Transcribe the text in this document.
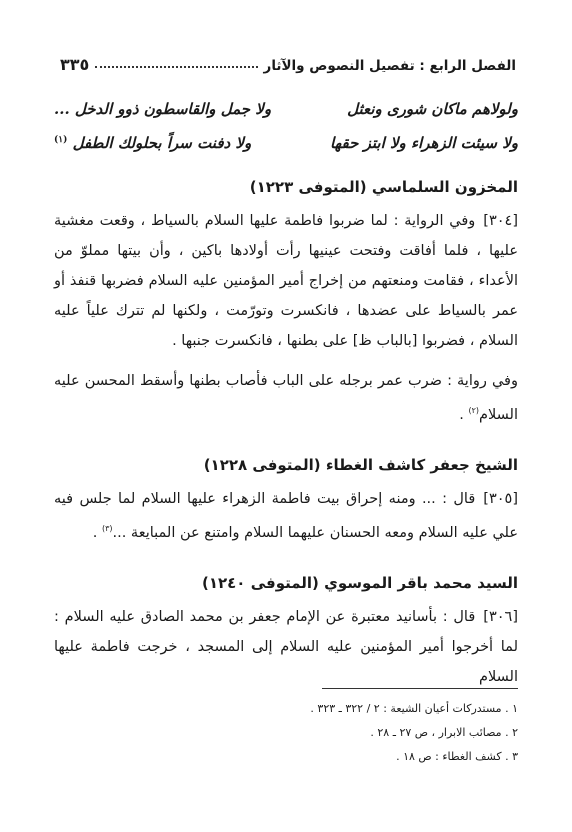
الفصل الرابع : تفصيل النصوص والآثار
٣٣٥
ولولاهم ماكان شورى ونعثل
ولا جمل والقاسطون ذوو الدخل ...
ولا سيئت الزهراء ولا ابتز حقها
ولا دفنت سراً بحلولك الطفل $^{(١)}$
المخزون السلماسي (المتوفى ١٢٢٣)
[٣٠٤]وفي الرواية : لما ضربوا فاطمة عليها السلام بالسياط ، وقعت مغشية عليها ، فلما أفاقت وفتحت عينيها رأت أولادها باكين ، وأن بيتها مملوّ من الأعداء ، فقامت ومنعتهم من إخراج أمير المؤمنين عليه السلام فضربها قنفذ أو عمر بالسياط على عضدها ، فانكسرت وتورّمت ، ولكنها لم تترك علياً عليه السلام ، فضربوا [بالباب ظ] على بطنها ، فانكسرت جنبها .
وفي رواية : ضرب عمر برجله على الباب فأصاب بطنها وأسقط المحسن عليه السلام$^{(٢)}$ .
الشيخ جعفر كاشف الغطاء (المتوفى ١٢٢٨)
[٣٠٥]قال : ... ومنه إحراق بيت فاطمة الزهراء عليها السلام لما جلس فيه علي عليه السلام ومعه الحسنان عليهما السلام وامتنع عن المبايعة ...$^{(٣)}$ .
السيد محمد باقر الموسوي (المتوفى ١٢٤٠)
[٣٠٦]قال : بأسانيد معتبرة عن الإمام جعفر بن محمد الصادق عليه السلام : لما أخرجوا أمير المؤمنين عليه السلام إلى المسجد ، خرجت فاطمة عليها السلام
١ . مستدركات أعيان الشيعة : ٢ / ٣٢٢ ـ ٣٢٣ .
٢ . مصائب الابرار ، ص ٢٧ ـ ٢٨ .
٣ . كشف الغطاء : ص ١٨ .
